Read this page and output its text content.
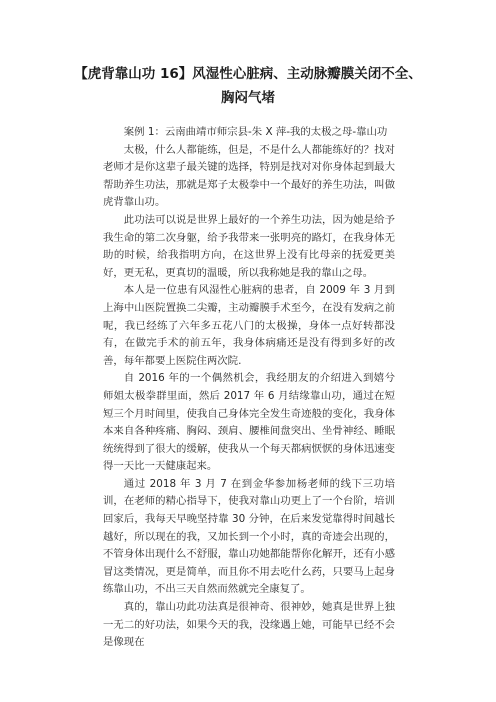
【虎背靠山功 16】风湿性心脏病、主动脉瓣膜关闭不全、胸闷气堵

案例 1：云南曲靖市师宗县-朱 X 萍-我的太极之母-靠山功

太极，什么人都能练，但是，不是什么人都能练好的？找对老师才是你这辈子最关键的选择，特别是找对对你身体起到最大帮助养生功法，那就是郑子太极拳中一个最好的养生功法，叫做虎背靠山功。

此功法可以说是世界上最好的一个养生功法，因为她是给予我生命的第二次身躯，给予我带来一张明亮的路灯，在我身体无助的时候，给我指明方向，在这世界上没有比母亲的抚爱更美好，更无私，更真切的温暖，所以我称她是我的靠山之母。

本人是一位患有风湿性心脏病的患者，自 2009 年 3 月到上海中山医院置换二尖瓣，主动瓣膜手术至今，在没有发病之前呢，我已经练了六年多五花八门的太极操，身体一点好转都没有，在做完手术的前五年，我身体病痛还是没有得到多好的改善，每年都要上医院住两次院.

自 2016 年的一个偶然机会，我经朋友的介绍进入到嬉兮师姐太极拳群里面，然后 2017 年 6 月结缘靠山功，通过在短短三个月时间里，使我自己身体完全发生奇迹般的变化，我身体本来自各种疼痛、胸闷、颈肩、腰椎间盘突出、坐骨神经、睡眠统统得到了很大的缓解，使我从一个每天都病恹恹的身体迅速变得一天比一天健康起来。

通过 2018 年 3 月 7 在到金华参加杨老师的线下三功培训，在老师的精心指导下，使我对靠山功更上了一个台阶，培训回家后，我每天早晚坚持靠 30 分钟，在后来发觉靠得时间越长越好，所以现在的我，又加长到一个小时，真的奇迹会出现的，不管身体出现什么不舒服，靠山功她都能帮你化解开，还有小感冒这类情况，更是简单，而且你不用去吃什么药，只要马上起身练靠山功，不出三天自然而然就完全康复了。

真的，靠山功此功法真是很神奇、很神妙，她真是世界上独一无二的好功法，如果今天的我，没缘遇上她，可能早已经不会是像现在
